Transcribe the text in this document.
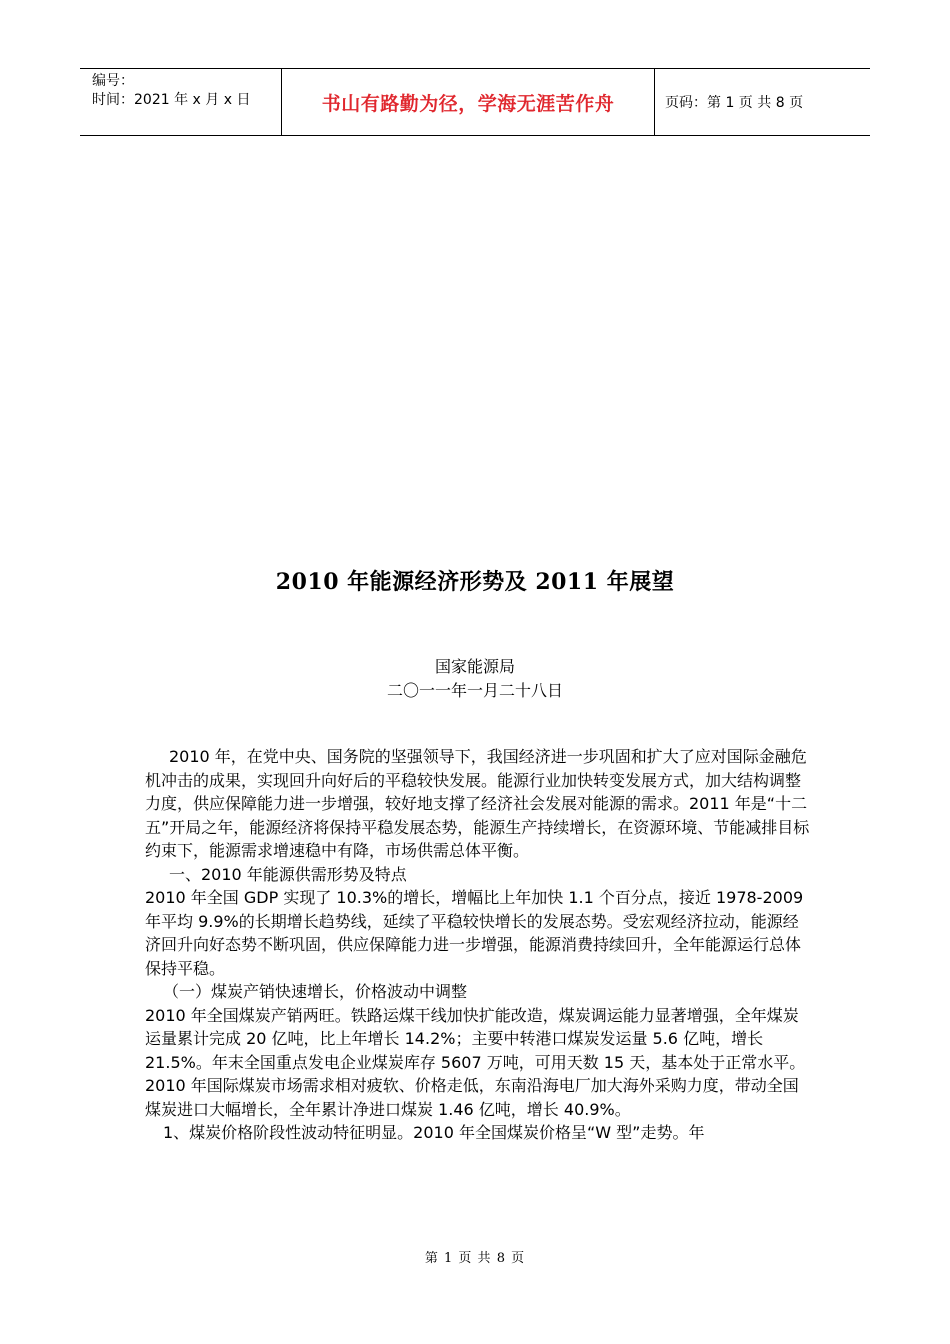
编号：
时间：2021 年 x 月 x 日	书山有路勤为径，学海无涯苦作舟	页码：第 1 页 共 8 页
2010 年能源经济形势及 2011 年展望
国家能源局
二〇一一年一月二十八日

2010 年，在党中央、国务院的坚强领导下，我国经济进一步巩固和扩大了应对国际金融危机冲击的成果，实现回升向好后的平稳较快发展。能源行业加快转变发展方式，加大结构调整力度，供应保障能力进一步增强，较好地支撑了经济社会发展对能源的需求。2011 年是“十二五”开局之年，能源经济将保持平稳发展态势，能源生产持续增长，在资源环境、节能减排目标约束下，能源需求增速稳中有降，市场供需总体平衡。

一、2010 年能源供需形势及特点

2010 年全国 GDP 实现了 10.3%的增长，增幅比上年加快 1.1 个百分点，接近 1978-2009 年平均 9.9%的长期增长趋势线，延续了平稳较快增长的发展态势。受宏观经济拉动，能源经济回升向好态势不断巩固，供应保障能力进一步增强，能源消费持续回升，全年能源运行总体保持平稳。

（一）煤炭产销快速增长，价格波动中调整

2010 年全国煤炭产销两旺。铁路运煤干线加快扩能改造，煤炭调运能力显著增强，全年煤炭运量累计完成 20 亿吨，比上年增长 14.2%；主要中转港口煤炭发运量 5.6 亿吨，增长 21.5%。年末全国重点发电企业煤炭库存 5607 万吨，可用天数 15 天，基本处于正常水平。2010 年国际煤炭市场需求相对疲软、价格走低，东南沿海电厂加大海外采购力度，带动全国煤炭进口大幅增长，全年累计净进口煤炭 1.46 亿吨，增长 40.9%。

1、煤炭价格阶段性波动特征明显。2010 年全国煤炭价格呈“W 型”走势。年

第 1 页 共 8 页
